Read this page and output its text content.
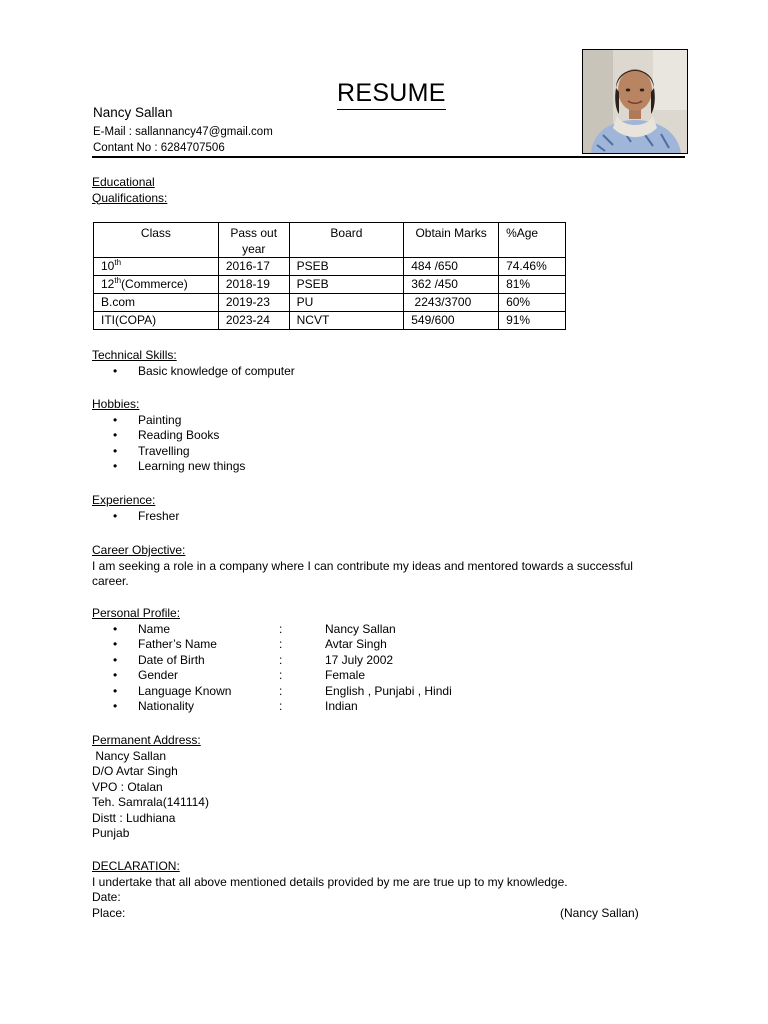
RESUME
Nancy Sallan
E-Mail : sallannancy47@gmail.com
Contant No : 6284707506
Educational
Qualifications:
Class	Pass out year	Board	Obtain Marks	%Age
10th	2016-17	PSEB	484 /650	74.46%
12th(Commerce)	2018-19	PSEB	362 /450	81%
B.com	2019-23	PU	2243/3700	60%
ITI(COPA)	2023-24	NCVT	549/600	91%
Technical Skills:
• Basic knowledge of computer
Hobbies:
• Painting
• Reading Books
• Travelling
• Learning new things
Experience:
• Fresher
Career Objective:
I am seeking a role in a company where I can contribute my ideas and mentored towards a successful
career.
Personal Profile:
• Name	:	Nancy Sallan
• Father’s Name	:	Avtar Singh
• Date of Birth	:	17 July 2002
• Gender	:	Female
• Language Known	:	English , Punjabi , Hindi
• Nationality	:	Indian
Permanent Address:
Nancy Sallan
D/O Avtar Singh
VPO : Otalan
Teh. Samrala(141114)
Distt : Ludhiana
Punjab
DECLARATION:
I undertake that all above mentioned details provided by me are true up to my knowledge.
Date:
Place:	(Nancy Sallan)
